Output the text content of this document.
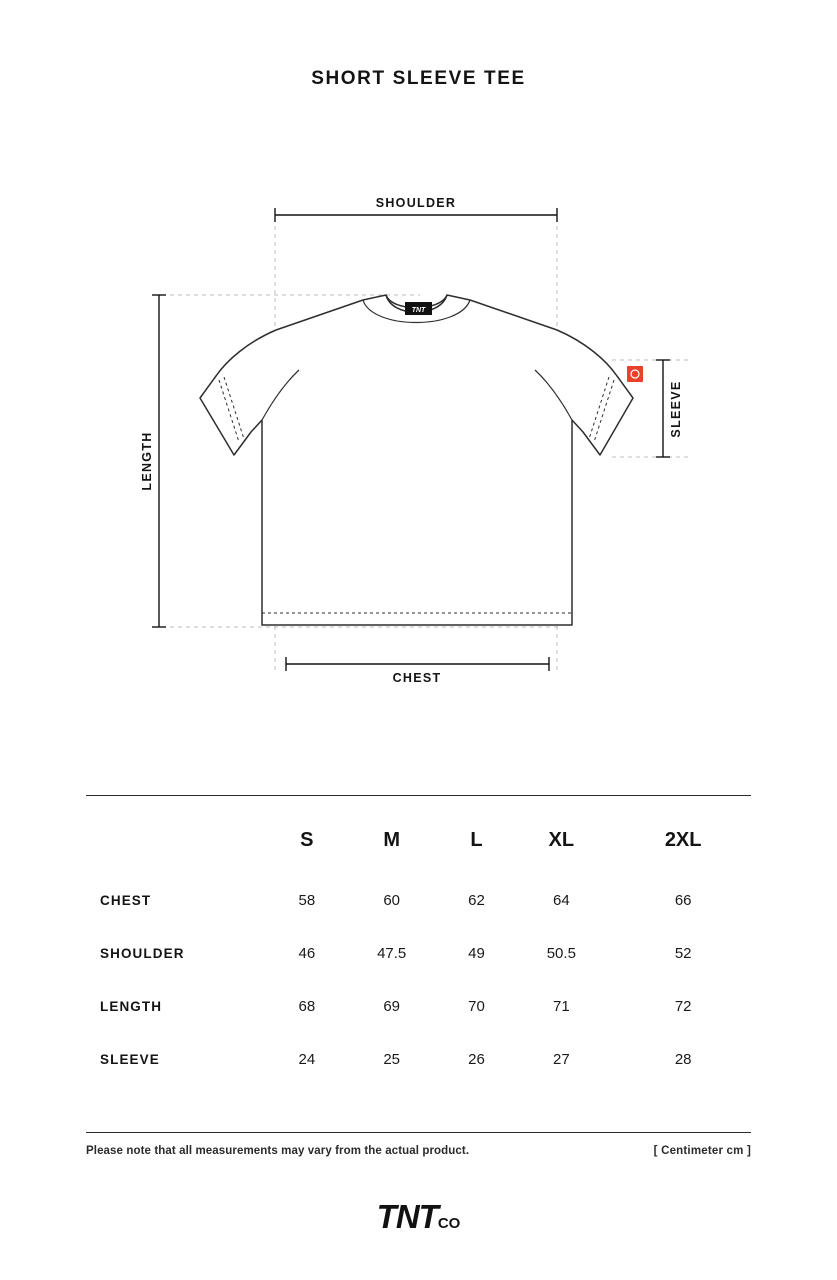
SHORT SLEEVE TEE
SHOULDER
LENGTH
SLEEVE
CHEST
TNT
	S	M	L	XL	2XL
CHEST	58	60	62	64	66
SHOULDER	46	47.5	49	50.5	52
LENGTH	68	69	70	71	72
SLEEVE	24	25	26	27	28
Please note that all measurements may vary from the actual product.	[ Centimeter cm ]
TNTCO
